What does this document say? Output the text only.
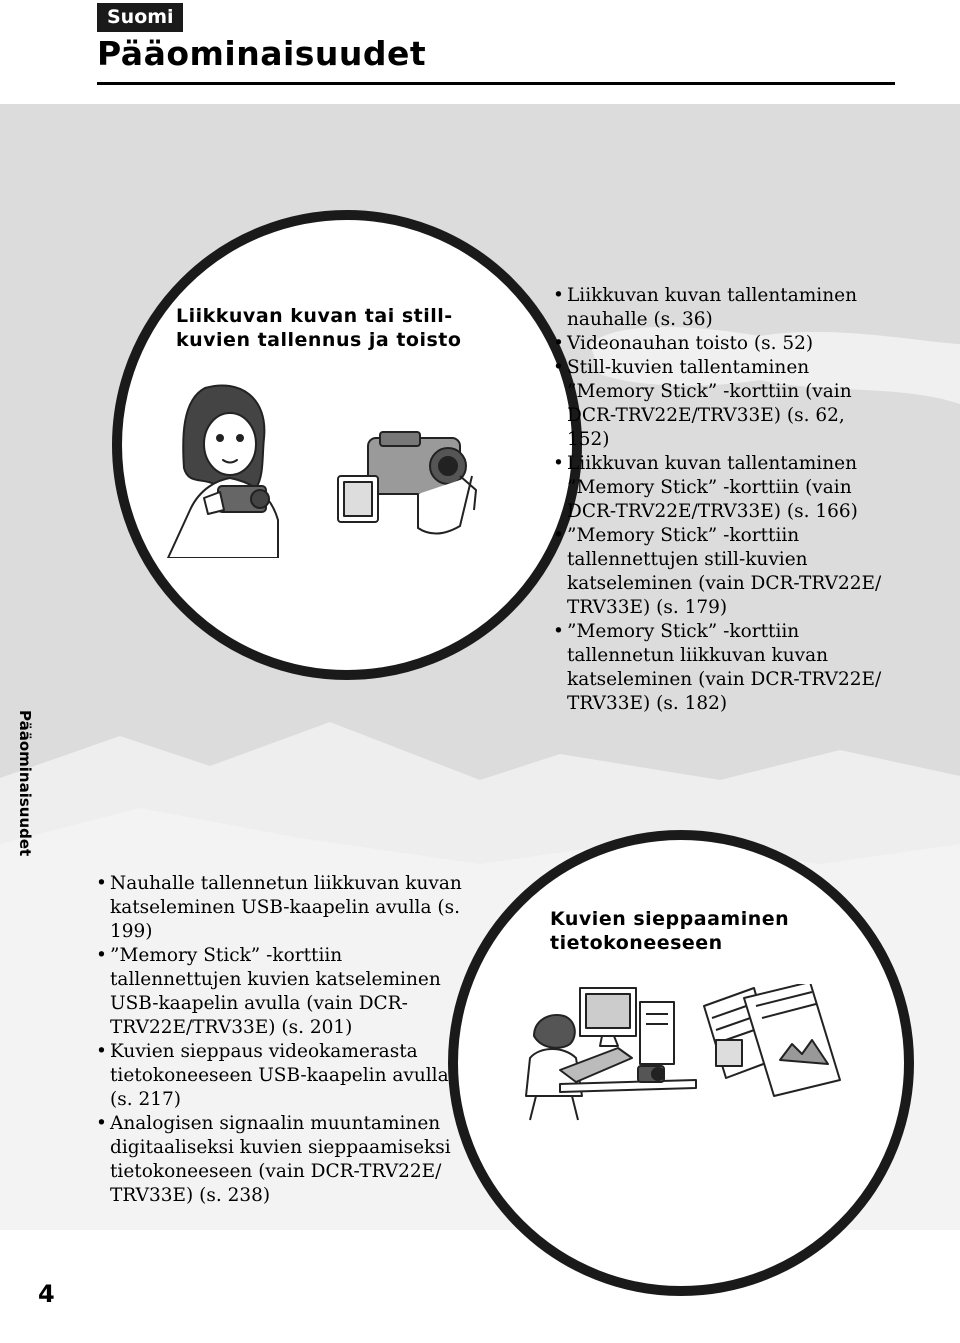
Suomi
Pääominaisuudet
Pääominaisuudet
Liikkuvan kuvan tai still-kuvien tallennus ja toisto
• Liikkuvan kuvan tallentaminen nauhalle (s. 36)
• Videonauhan toisto (s. 52)
• Still-kuvien tallentaminen ”Memory Stick” -korttiin (vain DCR-TRV22E/TRV33E) (s. 62, 152)
• Liikkuvan kuvan tallentaminen ”Memory Stick” -korttiin (vain DCR-TRV22E/TRV33E) (s. 166)
• ”Memory Stick” -korttiin tallennettujen still-kuvien katseleminen (vain DCR-TRV22E/ TRV33E) (s. 179)
• ”Memory Stick” -korttiin tallennetun liikkuvan kuvan katseleminen (vain DCR-TRV22E/ TRV33E) (s. 182)
Kuvien sieppaaminen tietokoneeseen
• Nauhalle tallennetun liikkuvan kuvan katseleminen USB-kaapelin avulla (s. 199)
• ”Memory Stick” -korttiin tallennettujen kuvien katseleminen USB-kaapelin avulla (vain DCR-TRV22E/TRV33E) (s. 201)
• Kuvien sieppaus videokamerasta tietokoneeseen USB-kaapelin avulla (s. 217)
• Analogisen signaalin muuntaminen digitaaliseksi kuvien sieppaamiseksi tietokoneeseen (vain DCR-TRV22E/ TRV33E) (s. 238)
4
